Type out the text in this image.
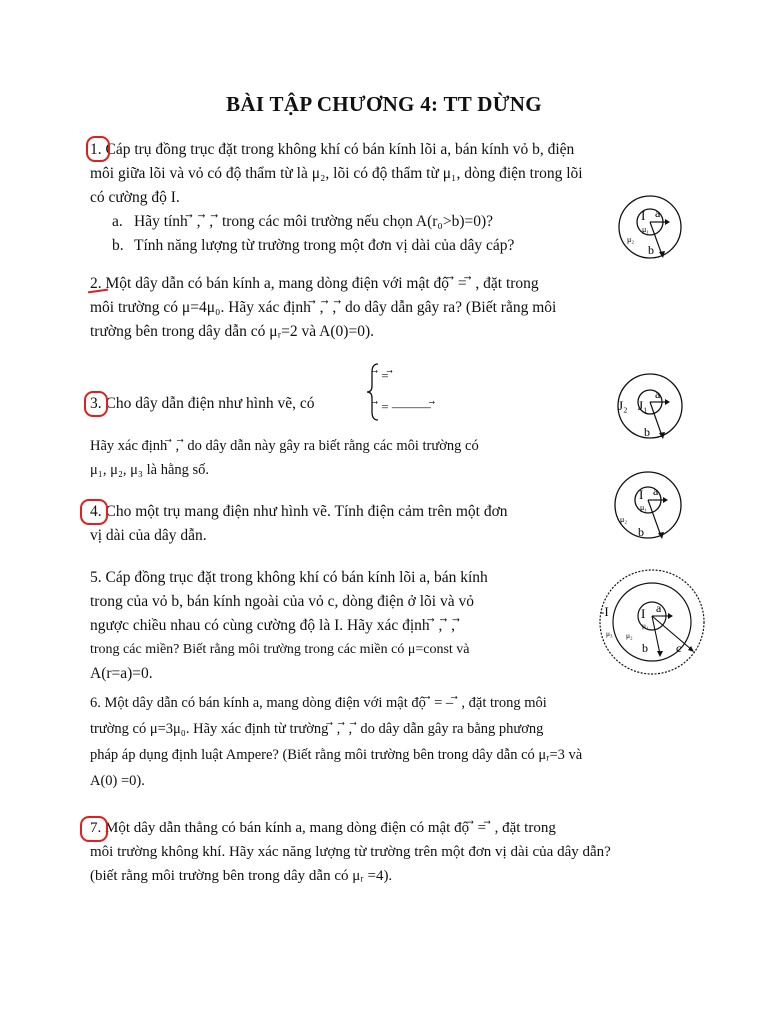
BÀI TẬP CHƯƠNG 4: TT DỪNG
1. Cáp trụ đồng trục đặt trong không khí có bán kính lõi a, bán kính vỏ b, điện
môi giữa lõi và vỏ có độ thẩm từ là μ₂, lõi có độ thẩm từ μ₁, dòng điện trong lõi
có cường độ I.
a. Hãy tính ⃗ , ⃗ , ⃗ trong các môi trường nếu chọn A(r₀>b)=0)?
b. Tính năng lượng từ trường trong một đơn vị dài của dây cáp?
I a
μ₁
μ₂
b
2. Một dây dẫn có bán kính a, mang dòng điện với mật độ ⃗ = ⃗ , đặt trong
môi trường có μ=4μ₀. Hãy xác định ⃗ , ⃗ , ⃗ do dây dẫn gây ra? (Biết rằng môi
trường bên trong dây dẫn có μᵣ=2 và A(0)=0).
3. Cho dây dẫn điện như hình vẽ, có
⃗ = ⃗
⃗ = ‒‒‒‒‒‒ ⃗
Hãy xác định ⃗ , ⃗ do dây dẫn này gây ra biết rằng các môi trường có
μ₁, μ₂, μ₃ là hằng số.
J₂ J₁
a
b
4. Cho một trụ mang điện như hình vẽ. Tính điện cảm trên một đơn
vị dài của dây dẫn.
I a
μ₁
μ₂
b
5. Cáp đồng trục đặt trong không khí có bán kính lõi a, bán kính
trong của vỏ b, bán kính ngoài của vỏ c, dòng điện ở lõi và vỏ
ngược chiều nhau có cùng cường độ là I. Hãy xác định ⃗ , ⃗ , ⃗
trong các miền? Biết rằng môi trường trong các miền có μ=const và
A(r=a)=0.
-I I a
μ₁
μ₂
μ₃
b c
6. Một dây dẫn có bán kính a, mang dòng điện với mật độ ⃗ = ‒ ⃗ , đặt trong môi
trường có μ=3μ₀. Hãy xác định từ trường ⃗ , ⃗ , ⃗ do dây dẫn gây ra bằng phương
pháp áp dụng định luật Ampere? (Biết rằng môi trường bên trong dây dẫn có μᵣ=3 và
A(0) =0).
7. Một dây dẫn thẳng có bán kính a, mang dòng điện có mật độ ⃗ = ⃗ , đặt trong
môi trường không khí. Hãy xác năng lượng từ trường trên một đơn vị dài của dây dẫn?
(biết rằng môi trường bên trong dây dẫn có μᵣ =4).
